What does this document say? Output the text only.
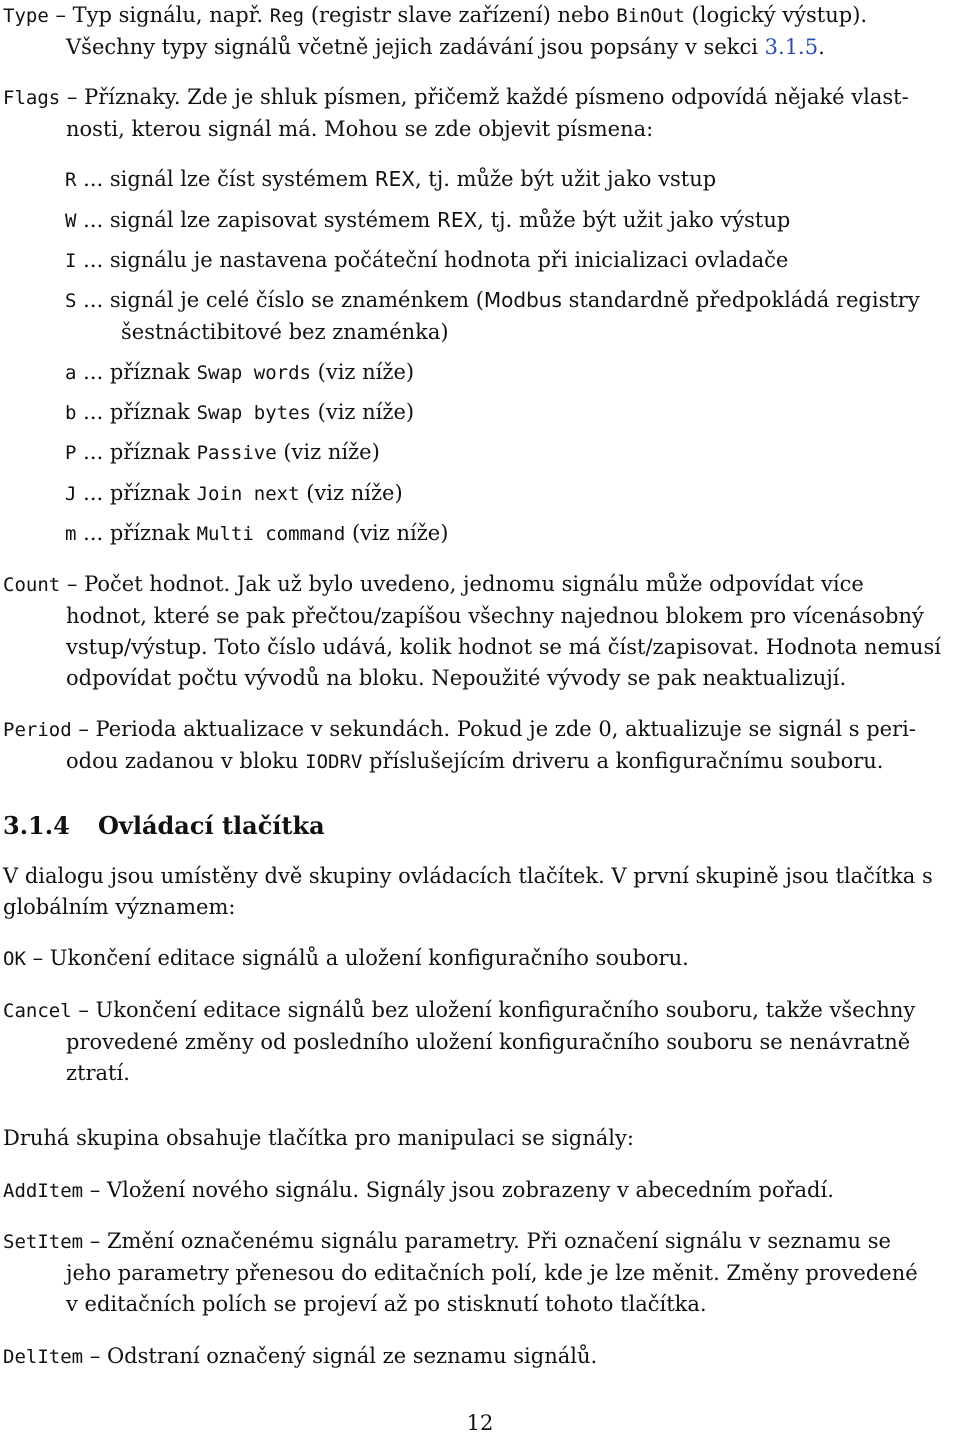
Type – Typ signálu, např. Reg (registr slave zařízení) nebo BinOut (logický výstup).
Všechny typy signálů včetně jejich zadávání jsou popsány v sekci 3.1.5.
Flags – Příznaky. Zde je shluk písmen, přičemž každé písmeno odpovídá nějaké vlast-
nosti, kterou signál má. Mohou se zde objevit písmena:
R ... signál lze číst systémem REX, tj. může být užit jako vstup
W ... signál lze zapisovat systémem REX, tj. může být užit jako výstup
I ... signálu je nastavena počáteční hodnota při inicializaci ovladače
S ... signál je celé číslo se znaménkem (Modbus standardně předpokládá registry
šestnáctibitové bez znaménka)
a ... příznak Swap words (viz níže)
b ... příznak Swap bytes (viz níže)
P ... příznak Passive (viz níže)
J ... příznak Join next (viz níže)
m ... příznak Multi command (viz níže)
Count – Počet hodnot. Jak už bylo uvedeno, jednomu signálu může odpovídat více
hodnot, které se pak přečtou/zapíšou všechny najednou blokem pro vícenásobný
vstup/výstup. Toto číslo udává, kolik hodnot se má číst/zapisovat. Hodnota nemusí
odpovídat počtu vývodů na bloku. Nepoužité vývody se pak neaktualizují.
Period – Perioda aktualizace v sekundách. Pokud je zde 0, aktualizuje se signál s peri-
odou zadanou v bloku IODRV příslušejícím driveru a konfiguračnímu souboru.
3.1.4 Ovládací tlačítka
V dialogu jsou umístěny dvě skupiny ovládacích tlačítek. V první skupině jsou tlačítka s
globálním významem:
OK – Ukončení editace signálů a uložení konfiguračního souboru.
Cancel – Ukončení editace signálů bez uložení konfiguračního souboru, takže všechny
provedené změny od posledního uložení konfiguračního souboru se nenávratně
ztratí.
Druhá skupina obsahuje tlačítka pro manipulaci se signály:
AddItem – Vložení nového signálu. Signály jsou zobrazeny v abecedním pořadí.
SetItem – Změní označenému signálu parametry. Při označení signálu v seznamu se
jeho parametry přenesou do editačních polí, kde je lze měnit. Změny provedené
v editačních polích se projeví až po stisknutí tohoto tlačítka.
DelItem – Odstraní označený signál ze seznamu signálů.
12
